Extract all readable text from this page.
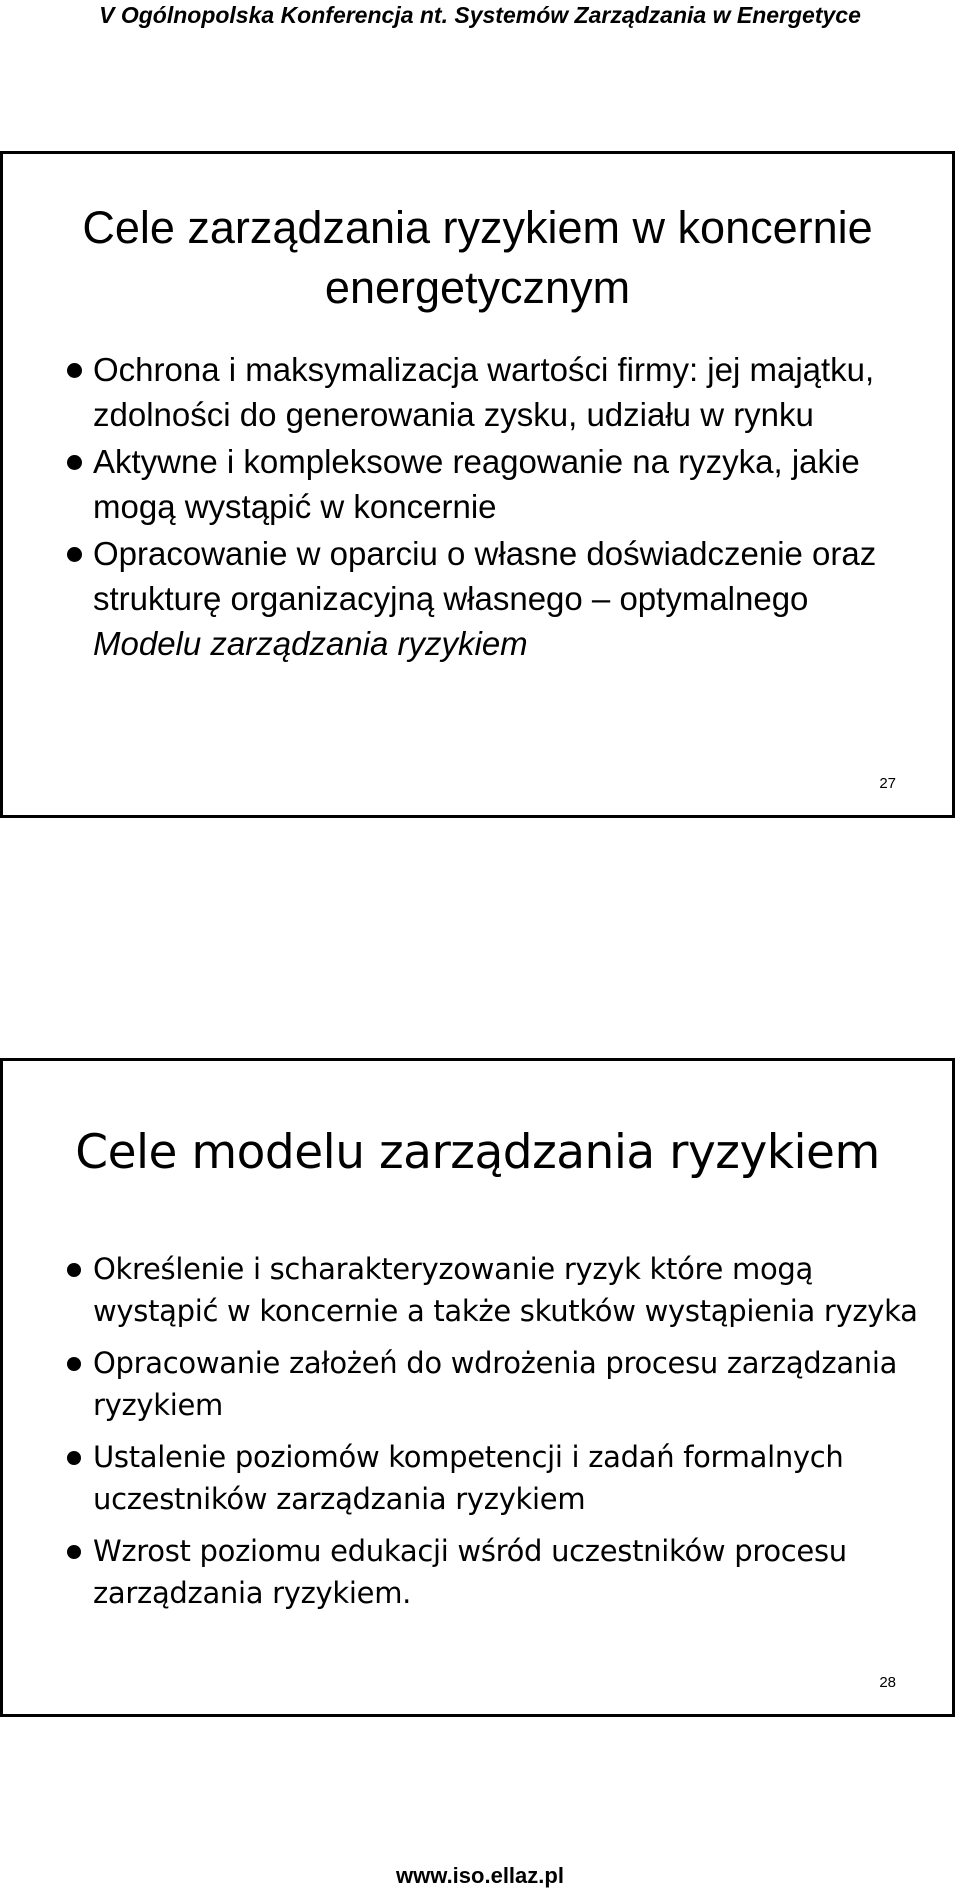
V Ogólnopolska Konferencja nt. Systemów Zarządzania w Energetyce
Cele zarządzania ryzykiem w koncernie
energetycznym
Ochrona i maksymalizacja wartości firmy: jej majątku, zdolności do generowania zysku, udziału w rynku
Aktywne i kompleksowe reagowanie na ryzyka, jakie mogą wystąpić w koncernie
Opracowanie w oparciu o własne doświadczenie oraz strukturę organizacyjną własnego – optymalnego Modelu zarządzania ryzykiem
27
Cele modelu zarządzania ryzykiem
Określenie i scharakteryzowanie ryzyk które mogą wystąpić w koncernie a także skutków wystąpienia ryzyka
Opracowanie założeń do wdrożenia procesu zarządzania ryzykiem
Ustalenie poziomów kompetencji i zadań formalnych uczestników zarządzania ryzykiem
Wzrost poziomu edukacji wśród uczestników procesu zarządzania ryzykiem.
28
www.iso.ellaz.pl
